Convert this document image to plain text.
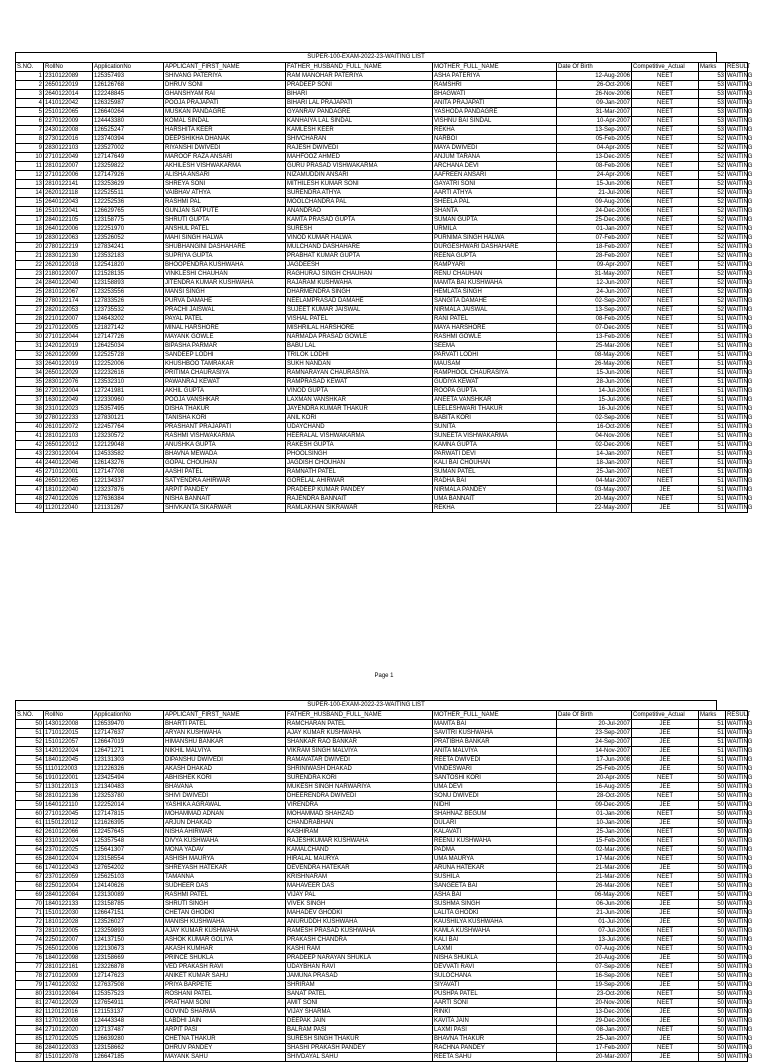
SUPER-100-EXAM-2022-23-WAITING LIST
S.NO.	RollNo	ApplicationNo	APPLICANT_FIRST_NAME	FATHER_HUSBAND_FULL_NAME	MOTHER_FULL_NAME	Date Of Birth	Competitive_Actual	Marks	RESULT
1	2310122089	125357493	SHIVANG PATERIYA	RAM MANOHAR PATERIYA	ASHA PATERIYA	12-Aug-2006	NEET	53	WAITING
2	2650122019	126126768	DHRUV SONI	PRADEEP SONI	RAMSHRI	26-Oct-2006	NEET	53	WAITING
3	2640122014	122248845	GHANSHYAM RAI	BIHARI	BHAGWATI	26-Nov-2006	NEET	53	WAITING
4	1410122042	126325987	POOJA PRAJAPATI	BIHARI LAL PRAJAPATI	ANITA PRAJAPATI	09-Jan-2007	NEET	53	WAITING
5	2510122065	126640264	MUSKAN PANDAGRE	GYANRAV PANDAGRE	YASHODA PANDAGRE	31-Mar-2007	NEET	53	WAITING
6	2270122009	124443380	KOMAL SINDAL	KANHAIYA LAL SINDAL	VISHNU BAI SINDAL	10-Apr-2007	NEET	53	WAITING
7	2430122008	126525247	HARSHITA KEER	KAMLESH KEER	REKHA	13-Sep-2007	NEET	53	WAITING
8	2730122016	123740394	DEEPSHIKHA DHANAK	SHIVCHARAN	NARBOI	05-Feb-2005	NEET	52	WAITING
9	2830122103	123527002	RIYANSHI DWIVEDI	RAJESH DWIVEDI	MAYA DWIVEDI	04-Apr-2005	NEET	52	WAITING
10	2710122049	127147649	MAROOF RAZA ANSARI	MAHFOOZ AHMED	ANJUM TARANA	13-Dec-2005	NEET	52	WAITING
11	2810122007	123259822	AKHILESH VISHWAKARMA	GURU PRASAD VISHWAKARMA	ARCHANA DEVI	08-Feb-2006	NEET	52	WAITING
12	2710122006	127147926	ALISHA ANSARI	NIZAMUDDIN ANSARI	AAFREEN ANSARI	24-Apr-2006	NEET	52	WAITING
13	2810122141	123253629	SHREYA SONI	MITHILESH KUMAR SONI	GAYATRI SONI	15-Jun-2006	NEET	52	WAITING
14	2620122118	122525511	VAIBHAV ATHYA	SURENDRA ATHYA	AARTI ATHYA	21-Jul-2006	NEET	52	WAITING
15	2640122043	122252536	RASHMI PAL	MOOLCHANDRA PAL	SHEELA PAL	09-Aug-2006	NEET	52	WAITING
16	2510122041	126629765	GUNJAN SATPUTE	ANANDRAO	SHANTA	24-Dec-2006	NEET	52	WAITING
17	2840122105	123158775	SHRUTI GUPTA	KAMTA PRASAD GUPTA	SUMAN GUPTA	25-Dec-2006	NEET	52	WAITING
18	2640122006	122251970	ANSHUL PATEL	SURESH	URMILA	01-Jan-2007	NEET	52	WAITING
19	2830122063	123526052	MAHI SINGH HALWA	VINOD KUMAR HALWA	PURNIMA SINGH HALWA	07-Feb-2007	NEET	52	WAITING
20	2780122219	127834241	SHUBHANGINI DASHAHARE	MULCHAND DASHAHARE	DURGESHWARI DASHAHARE	18-Feb-2007	NEET	52	WAITING
21	2830122130	123532183	SUPRIYA GUPTA	PRABHAT KUMAR GUPTA	REENA GUPTA	28-Feb-2007	NEET	52	WAITING
22	2620122018	122541820	BHOOPENDRA KUSHWAHA	JAGDEESH	RAMPYARI	09-Apr-2007	NEET	52	WAITING
23	2180122007	121528135	VINKLESHI CHAUHAN	RAGHURAJ SINGH CHAUHAN	RENU CHAUHAN	31-May-2007	NEET	52	WAITING
24	2840122040	123158893	JITENDRA KUMAR KUSHWAHA	RAJARAM KUSHWAHA	MAMTA BAI KUSHWAHA	12-Jun-2007	NEET	52	WAITING
25	2810122067	123253556	MANSI SINGH	DHARMENDRA SINGH	HEMLATA SINGH	24-Jun-2007	NEET	52	WAITING
26	2780122174	127833526	PURVA DAMAHE	NEELAMPRASAD DAMAHE	SANGITA DAMAHE	02-Sep-2007	NEET	52	WAITING
27	2820122053	123735532	PRACHI JAISWAL	SUJEET KUMAR JAISWAL	NIRMALA JAISWAL	13-Sep-2007	NEET	52	WAITING
28	2210122007	124643202	PAYAL PATEL	VISHAL PATEL	RANI PATEL	08-Feb-2005	NEET	51	WAITING
29	2170122005	121827142	MINAL HARSHORE	MISHRILAL HARSHORE	MAYA HARSHORE	07-Dec-2005	NEET	51	WAITING
30	2710122044	127147726	MAYANK GOWLE	NARMADA PRASAD GOWLE	RASHMI GOWLE	13-Feb-2006	NEET	51	WAITING
31	2420122019	126425034	BIPASHA PARMAR	BABU LAL	SEEMA	25-Mar-2006	NEET	51	WAITING
32	2620122099	122525728	SANDEEP LODHI	TRILOK LODHI	PARVATI LODHI	08-May-2006	NEET	51	WAITING
33	2640122019	122252006	KHUSHBOO TAMRAKAR	SUKH NANDAN	MAUSAM	26-May-2006	NEET	51	WAITING
34	2650122029	122232616	PRITIMA CHAURASIYA	RAMNARAYAN CHAURASIYA	RAMPHOOL CHAURASIYA	15-Jun-2006	NEET	51	WAITING
35	2830122076	123532310	PAWANRAJ KEWAT	RAMPRASAD KEWAT	GUDIYA KEWAT	28-Jun-2006	NEET	51	WAITING
36	2720122004	127241981	AKHIL GUPTA	VINOD GUPTA	ROOPA GUPTA	14-Jul-2006	NEET	51	WAITING
37	1630122049	122330960	POOJA VANSHKAR	LAXMAN VANSHKAR	ANEETA VANSHKAR	15-Jul-2006	NEET	51	WAITING
38	2310122023	125357495	DISHA THAKUR	JAYENDRA KUMAR THAKUR	LEELESHWARI THAKUR	16-Jul-2006	NEET	51	WAITING
39	2780122233	127830121	TANISHA KORI	ANIL KORI	BABITA KORI	02-Sep-2006	NEET	51	WAITING
40	2610122072	122457764	PRASHANT PRAJAPATI	UDAYCHAND	SUNITA	16-Oct-2006	NEET	51	WAITING
41	2810122103	123230572	RASHMI VISHWAKARMA	HEERALAL VISHWAKARMA	SUNEETA VISHWAKARMA	04-Nov-2006	NEET	51	WAITING
42	2650122012	122129048	ANUSHKA GUPTA	RAKESH GUPTA	KAMNA GUPTA	02-Dec-2006	NEET	51	WAITING
43	2230122004	124533582	BHAVNA MEWADA	PHOOLSINGH	PARWATI DEVI	14-Jan-2007	NEET	51	WAITING
44	2440122046	126143276	GOPAL CHOUHAN	JAGDISH CHOUHAN	KALI BAI CHOUHAN	18-Jan-2007	NEET	51	WAITING
45	2710122001	127147708	AASHI PATEL	RAMNATH PATEL	SUMAN PATEL	25-Jan-2007	NEET	51	WAITING
46	2650122065	122134337	SATYENDRA AHIRWAR	GORELAL AHIRWAR	RADHA BAI	04-Mar-2007	NEET	51	WAITING
47	1810122040	123237876	ARPIT PANDEY	PRADEEP KUMAR PANDEY	NIRMALA PANDEY	03-May-2007	JEE	51	WAITING
48	2740122026	127636384	NISHA BANNAIT	RAJENDRA BANNAIT	UMA BANNAIT	20-May-2007	NEET	51	WAITING
49	1120122040	121131267	SHIVKANTA SIKARWAR	RAMLAKHAN SIKRAWAR	REKHA	22-May-2007	JEE	51	WAITING
Page 1
SUPER-100-EXAM-2022-23-WAITING LIST
S.NO.	RollNo	ApplicationNo	APPLICANT_FIRST_NAME	FATHER_HUSBAND_FULL_NAME	MOTHER_FULL_NAME	Date Of Birth	Competitive_Actual	Marks	RESULT
50	1430122008	126539470	BHARTI PATEL	RAMCHARAN PATEL	MAMTA BAI	20-Jul-2007	JEE	51	WAITING
51	1710122015	127147637	ARYAN KUSHWAHA	AJAY KUMAR KUSHWAHA	SAVITRI KUSHWAHA	23-Sep-2007	JEE	51	WAITING
52	1510122057	126647019	HIMANSHU BANKAR	SHANKAR RAO BANKAR	PRATIBHA BANKAR	24-Sep-2007	JEE	51	WAITING
53	1420122024	126471271	NIKHIL MALVIYA	VIKRAM SINGH MALVIYA	ANITA MALVIYA	14-Nov-2007	JEE	51	WAITING
54	1840122045	123131303	DIPANSHU DWIVEDI	RAMAVATAR DWIVEDI	REETA DWIVEDI	17-Jun-2008	JEE	51	WAITING
55	1110122003	121226326	AKASH DHAKAD	SHRINIWASH DHAKAD	VINDESWARI	25-Feb-2005	JEE	50	WAITING
56	1910122001	123425494	ABHISHEK KORI	SURENDRA KORI	SANTOSHI KORI	20-Apr-2005	NEET	50	WAITING
57	1130122013	121340483	BHAVANA	MUKESH SINGH NARWARIYA	UMA DEVI	16-Aug-2005	JEE	50	WAITING
58	2810122136	123253780	SHIVI DWIVEDI	DHEERENDRA DWIVEDI	SONU DWIVEDI	28-Oct-2005	NEET	50	WAITING
59	1640122110	122252014	YASHIKA AGRAWAL	VIRENDRA	NIDHI	09-Dec-2005	JEE	50	WAITING
60	2710122045	127147815	MOHAMMAD ADNAN	MOHAMMAD SHAHZAD	SHAHNAZ BEGUM	01-Jan-2006	NEET	50	WAITING
61	1150122012	121626395	ARJUN DHAKAD	CHANDRABHAN	DULARI	10-Jan-2006	JEE	50	WAITING
62	2610122066	122457645	NISHA AHIRWAR	KASHIRAM	KALAVATI	25-Jan-2006	NEET	50	WAITING
63	2310122024	125357548	DIVYA KUSHWAHA	RAJESHKUMAR KUSHWAHA	REENU KUSHWAHA	15-Feb-2006	NEET	50	WAITING
64	2370122025	125641307	MONA YADAV	KAMALCHAND	PADMA	02-Mar-2006	NEET	50	WAITING
65	2840122024	123158554	ASHISH MAURYA	HIRALAL MAURYA	UMA MAURYA	17-Mar-2006	NEET	50	WAITING
66	1740122043	127654202	SHREYASH HATEKAR	DEVENDRA HATEKAR	ARUNA HATEKAR	21-Mar-2006	JEE	50	WAITING
67	2370122059	125625103	TAMANNA	KRISHNARAM	SUSHILA	21-Mar-2006	NEET	50	WAITING
68	2250122004	124140626	SUDHEER DAS	MAHAVEER DAS	SANGEETA BAI	26-Mar-2006	NEET	50	WAITING
69	2840122084	123130089	RASHMI PATEL	VIJAY PAL	ASHA BAI	06-May-2006	NEET	50	WAITING
70	1840122133	123158785	SHRUTI SINGH	VIVEK SINGH	SUSHMA SINGH	06-Jun-2006	JEE	50	WAITING
71	1510122030	126647151	CHETAN GHODKI	MAHADEV GHODKI	LALITA GHODKI	21-Jun-2006	JEE	50	WAITING
72	1810122028	123526027	MANISH KUSHWAHA	ANURUDDH KUSHWAHA	KAUSHILYA KUSHWAHA	01-Jul-2006	JEE	50	WAITING
73	2810122005	123259893	AJAY KUMAR KUSHWAHA	RAMESH PRASAD KUSHWAHA	KAMLA KUSHWAHA	07-Jul-2006	NEET	50	WAITING
74	2250122007	124137150	ASHOK KUMAR GOLIYA	PRAKASH CHANDRA	KALI BAI	13-Jul-2006	NEET	50	WAITING
75	2650122006	122130673	AKASH KUMHAR	KASHI RAM	LAXMI	07-Aug-2006	NEET	50	WAITING
76	1840122098	123158669	PRINCE SHUKLA	PRADEEP NARAYAN SHUKLA	NISHA SHUKLA	20-Aug-2006	JEE	50	WAITING
77	2810122161	123226878	VED PRAKASH RAVI	UDAYBHAN RAVI	DEVVATI RAVI	07-Sep-2006	NEET	50	WAITING
78	2710122009	127147623	ANIKET KUMAR SAHU	JAMUNA PRASAD	SULOCHANA	16-Sep-2006	NEET	50	WAITING
79	1740122032	127637508	PRIYA BARPETE	SHRIRAM	SIYAVATI	19-Sep-2006	JEE	50	WAITING
80	2310122084	125357523	ROSHANI PATEL	SANAT PATEL	PUSHPA PATEL	23-Oct-2006	NEET	50	WAITING
81	2740122029	127654911	PRATHAM SONI	AMIT SONI	AARTI SONI	20-Nov-2006	NEET	50	WAITING
82	1120122016	121153137	GOVIND SHARMA	VIJAY SHARMA	RINKI	13-Dec-2006	JEE	50	WAITING
83	1270122008	124443348	LABDHI JAIN	DEEPAK JAIN	KAVITA JAIN	29-Dec-2006	JEE	50	WAITING
84	2710122020	127137487	ARPIT PASI	BALRAM PASI	LAXMI PASI	08-Jan-2007	NEET	50	WAITING
85	1270122025	126639280	CHETNA THAKUR	SURESH SINGH THAKUR	BHAVNA THAKUR	25-Jan-2007	JEE	50	WAITING
86	2840122033	123158662	DHRUV PANDEY	SHASHI PRAKASH PANDEY	RACHNA PANDEY	17-Feb-2007	NEET	50	WAITING
87	1510122078	126647185	MAYANK SAHU	SHIVDAYAL SAHU	REETA SAHU	20-Mar-2007	JEE	50	WAITING
